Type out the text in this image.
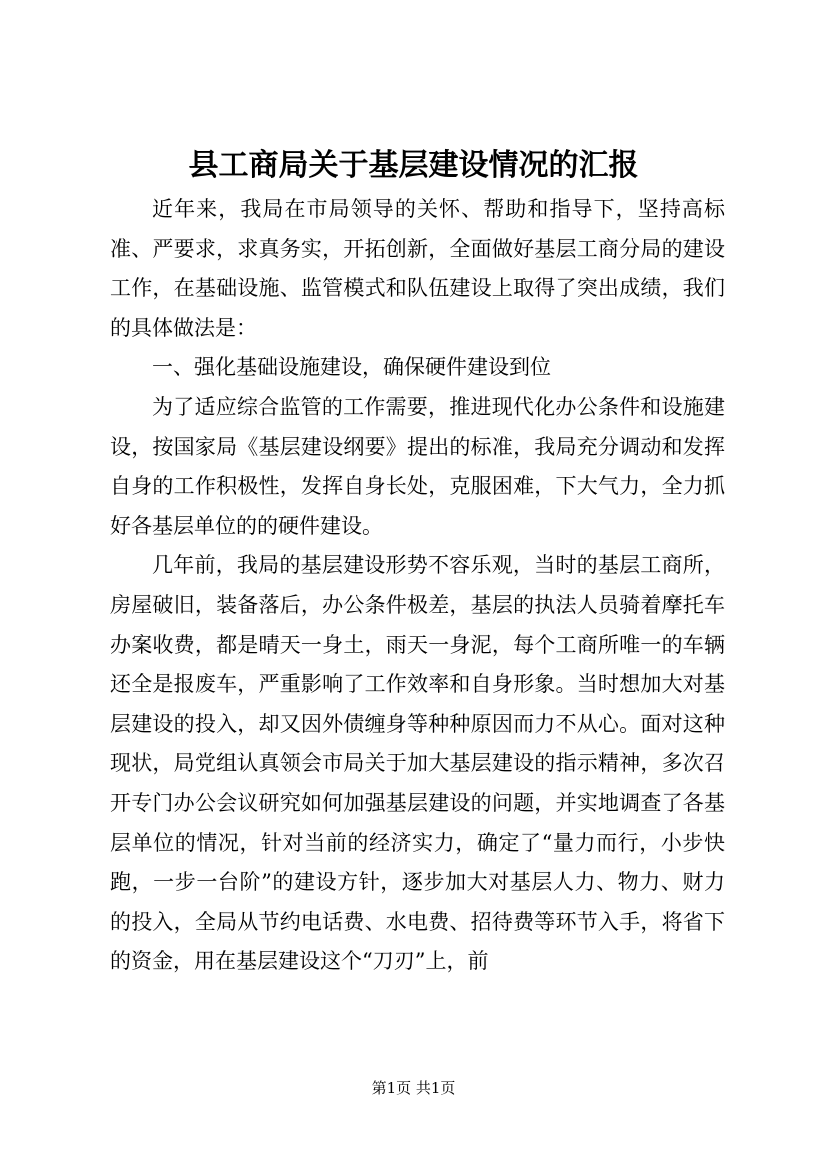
县工商局关于基层建设情况的汇报

近年来，我局在市局领导的关怀、帮助和指导下，坚持高标准、严要求，求真务实，开拓创新，全面做好基层工商分局的建设工作，在基础设施、监管模式和队伍建设上取得了突出成绩，我们的具体做法是：

一、强化基础设施建设，确保硬件建设到位

为了适应综合监管的工作需要，推进现代化办公条件和设施建设，按国家局《基层建设纲要》提出的标准，我局充分调动和发挥自身的工作积极性，发挥自身长处，克服困难，下大气力，全力抓好各基层单位的的硬件建设。

几年前，我局的基层建设形势不容乐观，当时的基层工商所，房屋破旧，装备落后，办公条件极差，基层的执法人员骑着摩托车办案收费，都是晴天一身土，雨天一身泥，每个工商所唯一的车辆还全是报废车，严重影响了工作效率和自身形象。当时想加大对基层建设的投入，却又因外债缠身等种种原因而力不从心。面对这种现状，局党组认真领会市局关于加大基层建设的指示精神，多次召开专门办公会议研究如何加强基层建设的问题，并实地调查了各基层单位的情况，针对当前的经济实力，确定了“量力而行，小步快跑，一步一台阶”的建设方针，逐步加大对基层人力、物力、财力的投入，全局从节约电话费、水电费、招待费等环节入手，将省下的资金，用在基层建设这个“刀刃”上，前

第1页 共1页
